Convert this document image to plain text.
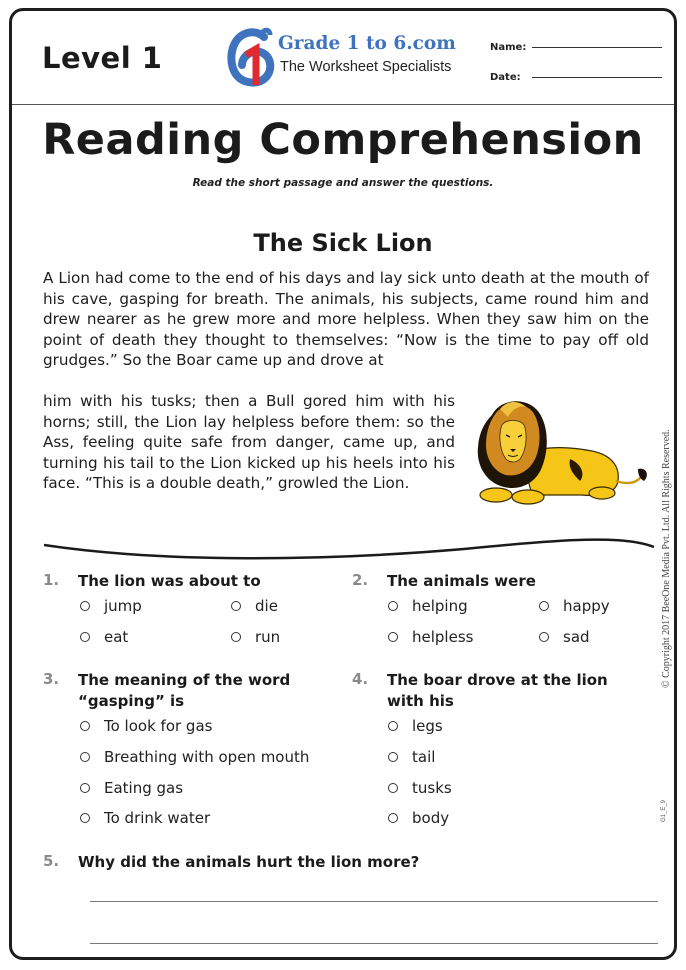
Level 1	Grade 1 to 6.com
The Worksheet Specialists
Name:
Date:
Reading Comprehension
Read the short passage and answer the questions.
The Sick Lion
A Lion had come to the end of his days and lay sick unto death at the mouth of his cave, gasping for breath. The animals, his subjects, came round him and drew nearer as he grew more and more helpless. When they saw him on the point of death they thought to themselves: “Now is the time to pay off old grudges.” So the Boar came up and drove at
him with his tusks; then a Bull gored him with his horns; still, the Lion lay helpless before them: so the Ass, feeling quite safe from danger, came up, and turning his tail to the Lion kicked up his heels into his face. “This is a double death,” growled the Lion.
1. The lion was about to
jump	die
eat	run
2. The animals were
helping	happy
helpless	sad
3. The meaning of the word
“gasping” is
To look for gas
Breathing with open mouth
Eating gas
To drink water
4. The boar drove at the lion
with his
legs
tail
tusks
body
5. Why did the animals hurt the lion more?
© Copyright 2017 BeeOne Media Pvt. Ltd. All Rights Reserved.
G1_E_9
